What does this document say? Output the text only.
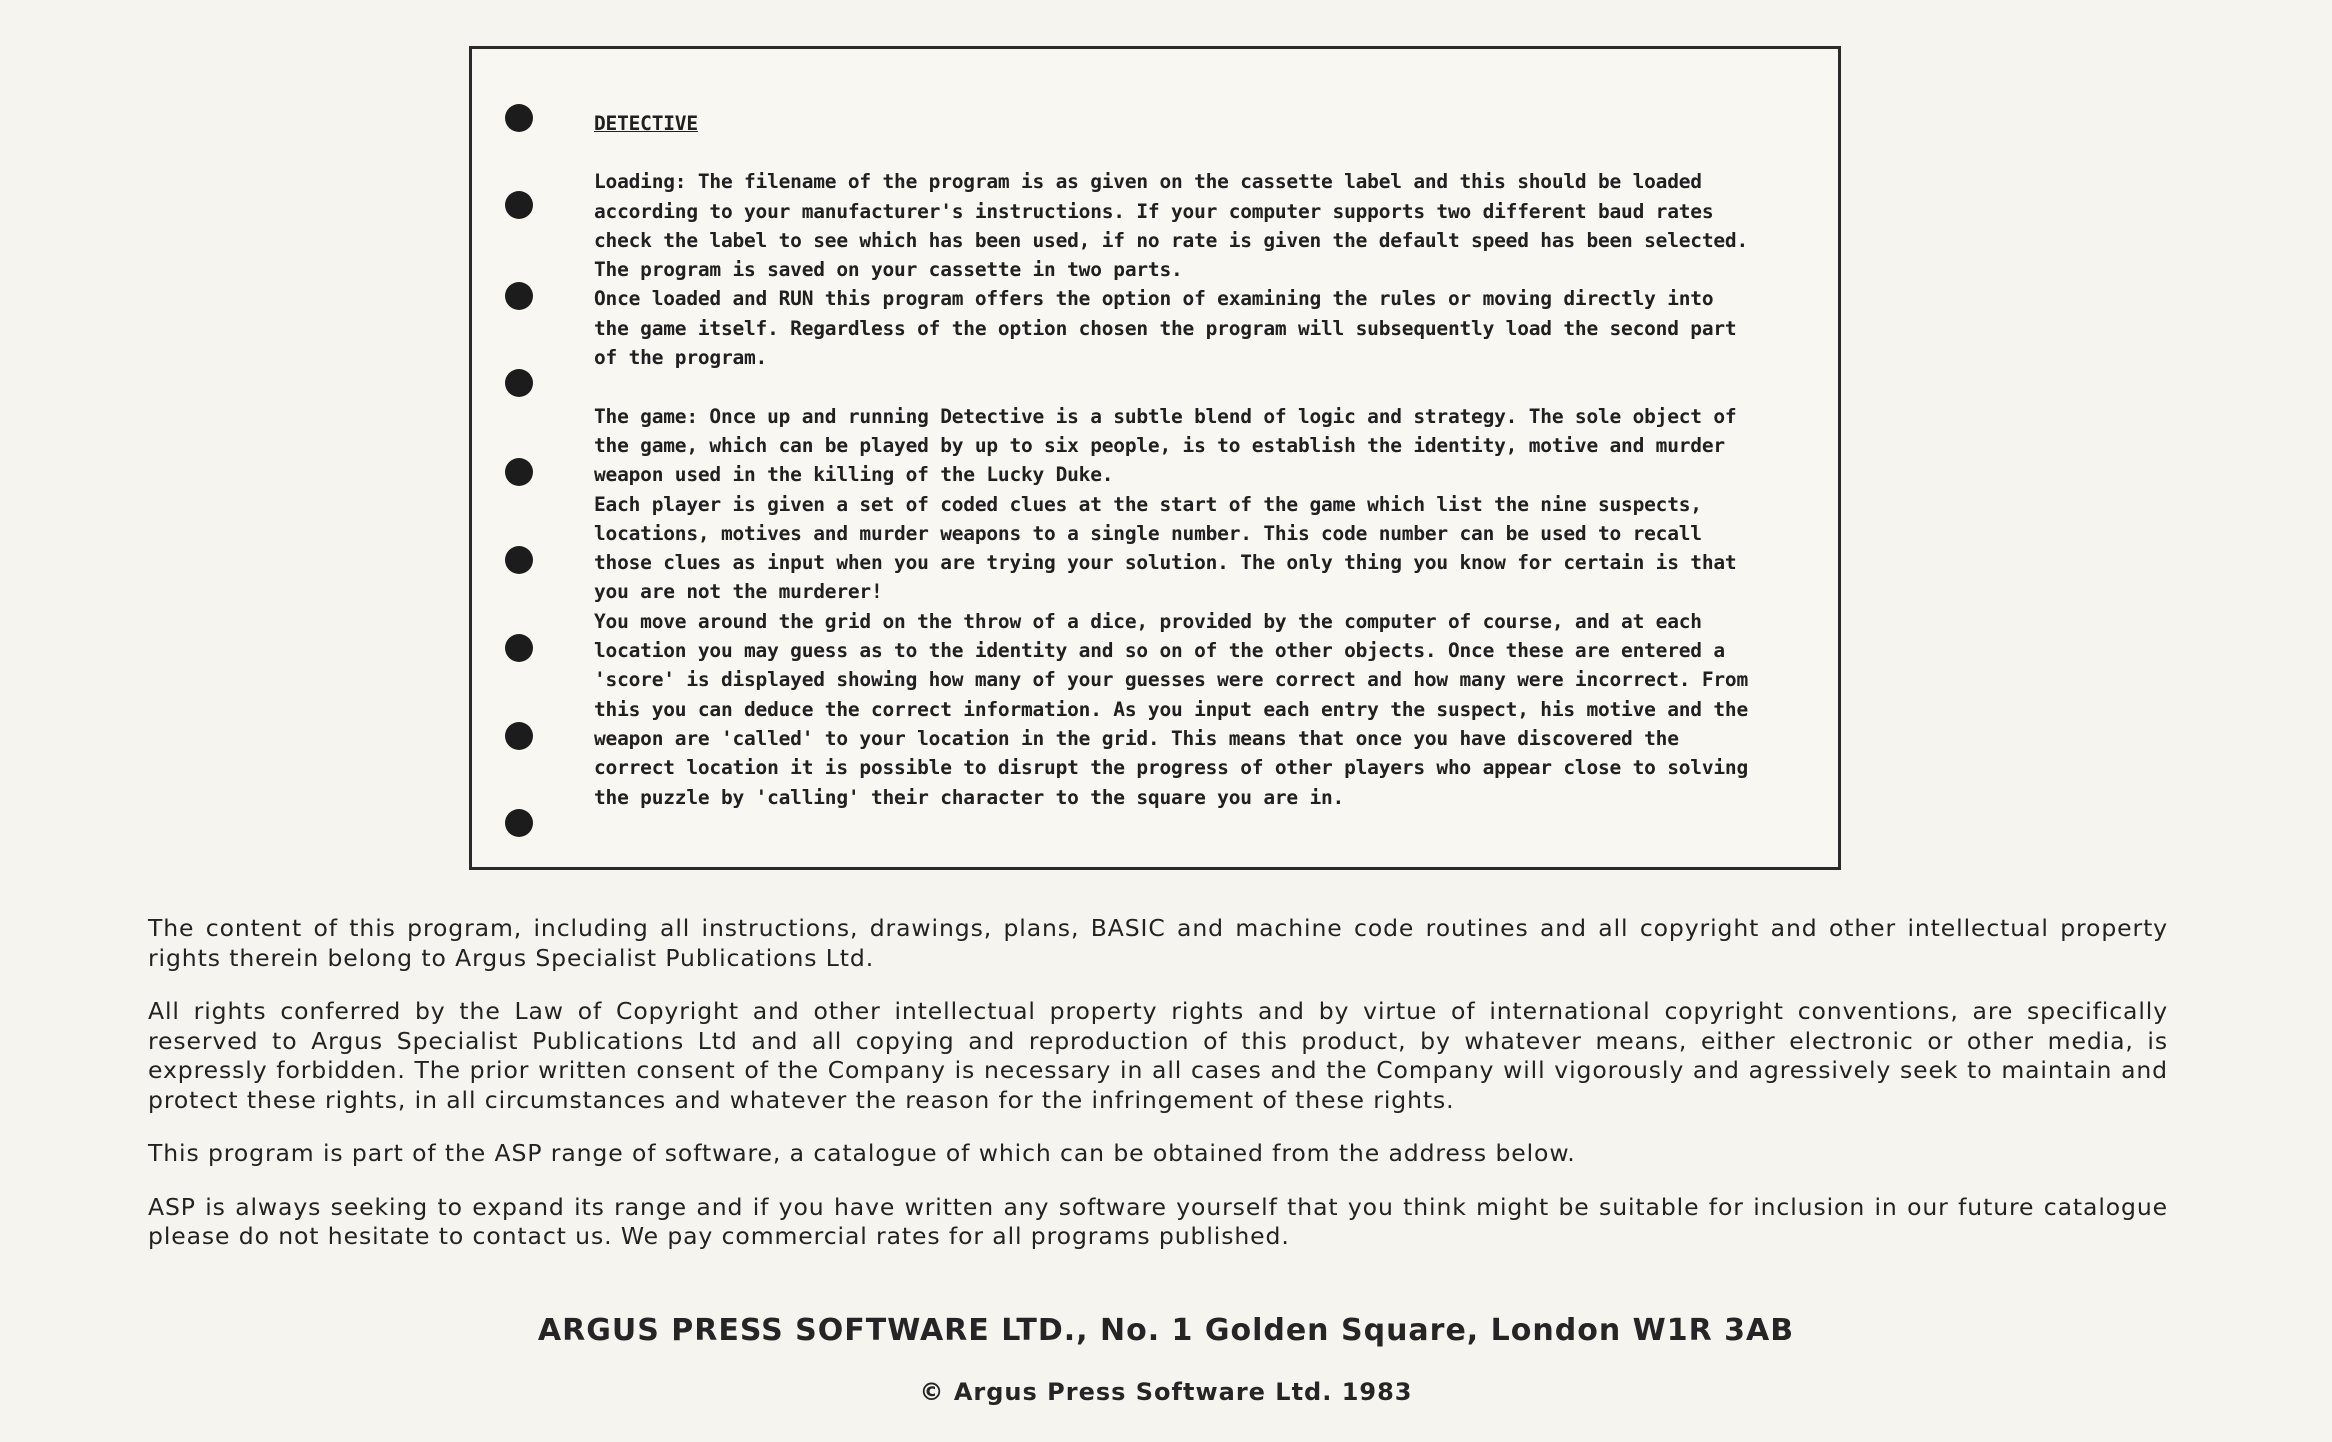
DETECTIVE

Loading: The filename of the program is as given on the cassette label and this should be loaded

according to your manufacturer's instructions. If your computer supports two different baud rates

check the label to see which has been used, if no rate is given the default speed has been selected.

The program is saved on your cassette in two parts.

Once loaded and RUN this program offers the option of examining the rules or moving directly into

the game itself. Regardless of the option chosen the program will subsequently load the second part

of the program.

The game: Once up and running Detective is a subtle blend of logic and strategy. The sole object of

the game, which can be played by up to six people, is to establish the identity, motive and murder

weapon used in the killing of the Lucky Duke.

Each player is given a set of coded clues at the start of the game which list the nine suspects,

locations, motives and murder weapons to a single number. This code number can be used to recall

those clues as input when you are trying your solution. The only thing you know for certain is that

you are not the murderer!

You move around the grid on the throw of a dice, provided by the computer of course, and at each

location you may guess as to the identity and so on of the other objects. Once these are entered a

'score' is displayed showing how many of your guesses were correct and how many were incorrect. From

this you can deduce the correct information. As you input each entry the suspect, his motive and the

weapon are 'called' to your location in the grid. This means that once you have discovered the

correct location it is possible to disrupt the progress of other players who appear close to solving

the puzzle by 'calling' their character to the square you are in.

The content of this program, including all instructions, drawings, plans, BASIC and machine code routines and all copyright and other intellectual property rights therein belong to Argus Specialist Publications Ltd.

All rights conferred by the Law of Copyright and other intellectual property rights and by virtue of international copyright conventions, are specifically reserved to Argus Specialist Publications Ltd and all copying and reproduction of this product, by whatever means, either electronic or other media, is expressly forbidden. The prior written consent of the Company is necessary in all cases and the Company will vigorously and agressively seek to maintain and protect these rights, in all circumstances and whatever the reason for the infringement of these rights.

This program is part of the ASP range of software, a catalogue of which can be obtained from the address below.

ASP is always seeking to expand its range and if you have written any software yourself that you think might be suitable for inclusion in our future catalogue please do not hesitate to contact us. We pay commercial rates for all programs published.

ARGUS PRESS SOFTWARE LTD., No. 1 Golden Square, London W1R 3AB
© Argus Press Software Ltd. 1983
